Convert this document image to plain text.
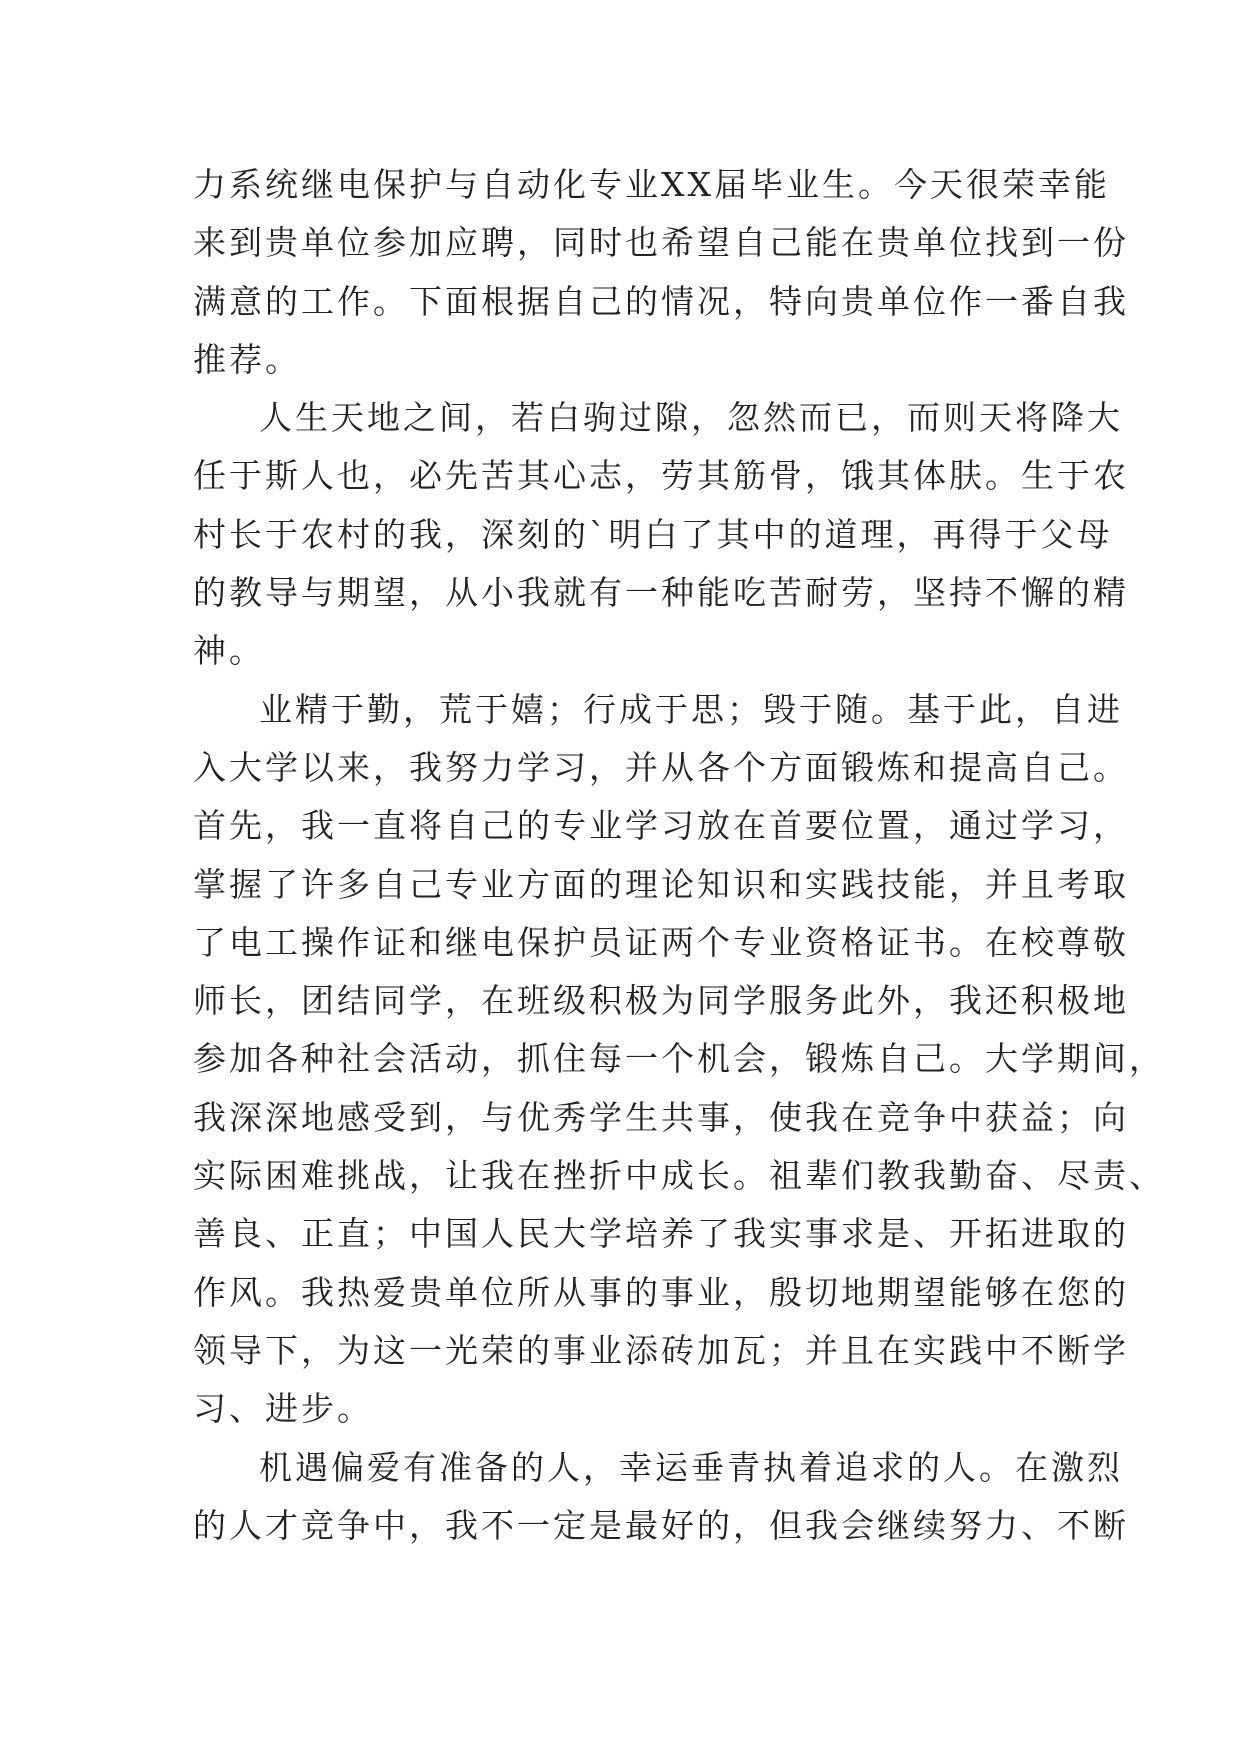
力系统继电保护与自动化专业XX届毕业生。今天很荣幸能
来到贵单位参加应聘，同时也希望自己能在贵单位找到一份
满意的工作。下面根据自己的情况，特向贵单位作一番自我
推荐。
人生天地之间，若白驹过隙，忽然而已，而则天将降大
任于斯人也，必先苦其心志，劳其筋骨，饿其体肤。生于农
村长于农村的我，深刻的`明白了其中的道理，再得于父母
的教导与期望，从小我就有一种能吃苦耐劳，坚持不懈的精
神。
业精于勤，荒于嬉；行成于思；毁于随。基于此，自进
入大学以来，我努力学习，并从各个方面锻炼和提高自己。
首先，我一直将自己的专业学习放在首要位置，通过学习，
掌握了许多自己专业方面的理论知识和实践技能，并且考取
了电工操作证和继电保护员证两个专业资格证书。在校尊敬
师长，团结同学，在班级积极为同学服务此外，我还积极地
参加各种社会活动，抓住每一个机会，锻炼自己。大学期间，
我深深地感受到，与优秀学生共事，使我在竞争中获益；向
实际困难挑战，让我在挫折中成长。祖辈们教我勤奋、尽责、
善良、正直；中国人民大学培养了我实事求是、开拓进取的
作风。我热爱贵单位所从事的事业，殷切地期望能够在您的
领导下，为这一光荣的事业添砖加瓦；并且在实践中不断学
习、进步。
机遇偏爱有准备的人，幸运垂青执着追求的人。在激烈
的人才竞争中，我不一定是最好的，但我会继续努力、不断
